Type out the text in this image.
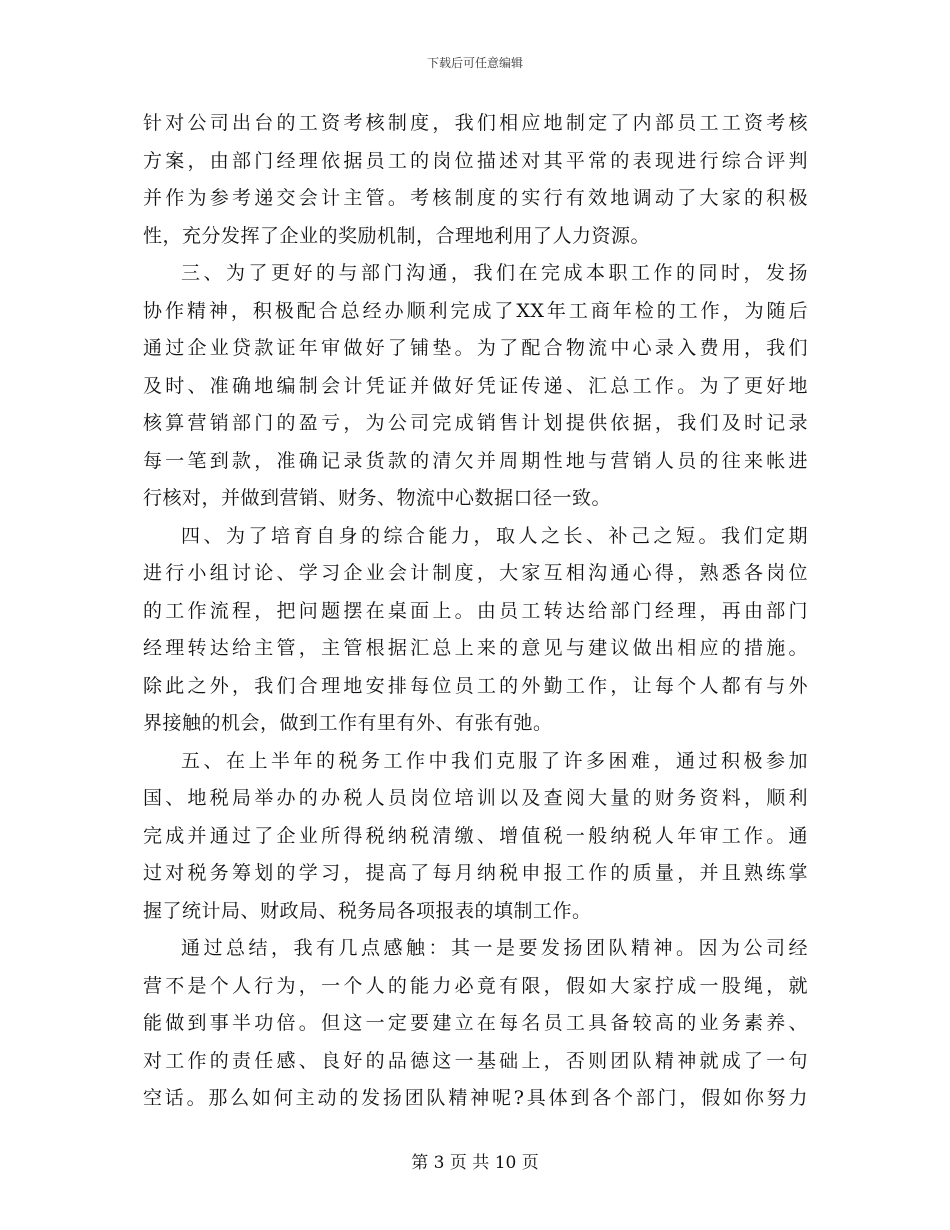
下载后可任意编辑
针对公司出台的工资考核制度，我们相应地制定了内部员工工资考核
方案，由部门经理依据员工的岗位描述对其平常的表现进行综合评判
并作为参考递交会计主管。考核制度的实行有效地调动了大家的积极
性，充分发挥了企业的奖励机制，合理地利用了人力资源。
三、为了更好的与部门沟通，我们在完成本职工作的同时，发扬
协作精神，积极配合总经办顺利完成了XX年工商年检的工作，为随后
通过企业贷款证年审做好了铺垫。为了配合物流中心录入费用，我们
及时、准确地编制会计凭证并做好凭证传递、汇总工作。为了更好地
核算营销部门的盈亏，为公司完成销售计划提供依据，我们及时记录
每一笔到款，准确记录货款的清欠并周期性地与营销人员的往来帐进
行核对，并做到营销、财务、物流中心数据口径一致。
四、为了培育自身的综合能力，取人之长、补己之短。我们定期
进行小组讨论、学习企业会计制度，大家互相沟通心得，熟悉各岗位
的工作流程，把问题摆在桌面上。由员工转达给部门经理，再由部门
经理转达给主管，主管根据汇总上来的意见与建议做出相应的措施。
除此之外，我们合理地安排每位员工的外勤工作，让每个人都有与外
界接触的机会，做到工作有里有外、有张有弛。
五、在上半年的税务工作中我们克服了许多困难，通过积极参加
国、地税局举办的办税人员岗位培训以及查阅大量的财务资料，顺利
完成并通过了企业所得税纳税清缴、增值税一般纳税人年审工作。通
过对税务筹划的学习，提高了每月纳税申报工作的质量，并且熟练掌
握了统计局、财政局、税务局各项报表的填制工作。
通过总结，我有几点感触：其一是要发扬团队精神。因为公司经
营不是个人行为，一个人的能力必竟有限，假如大家拧成一股绳，就
能做到事半功倍。但这一定要建立在每名员工具备较高的业务素养、
对工作的责任感、良好的品德这一基础上，否则团队精神就成了一句
空话。那么如何主动的发扬团队精神呢?具体到各个部门，假如你努力
第 3 页 共 10 页
